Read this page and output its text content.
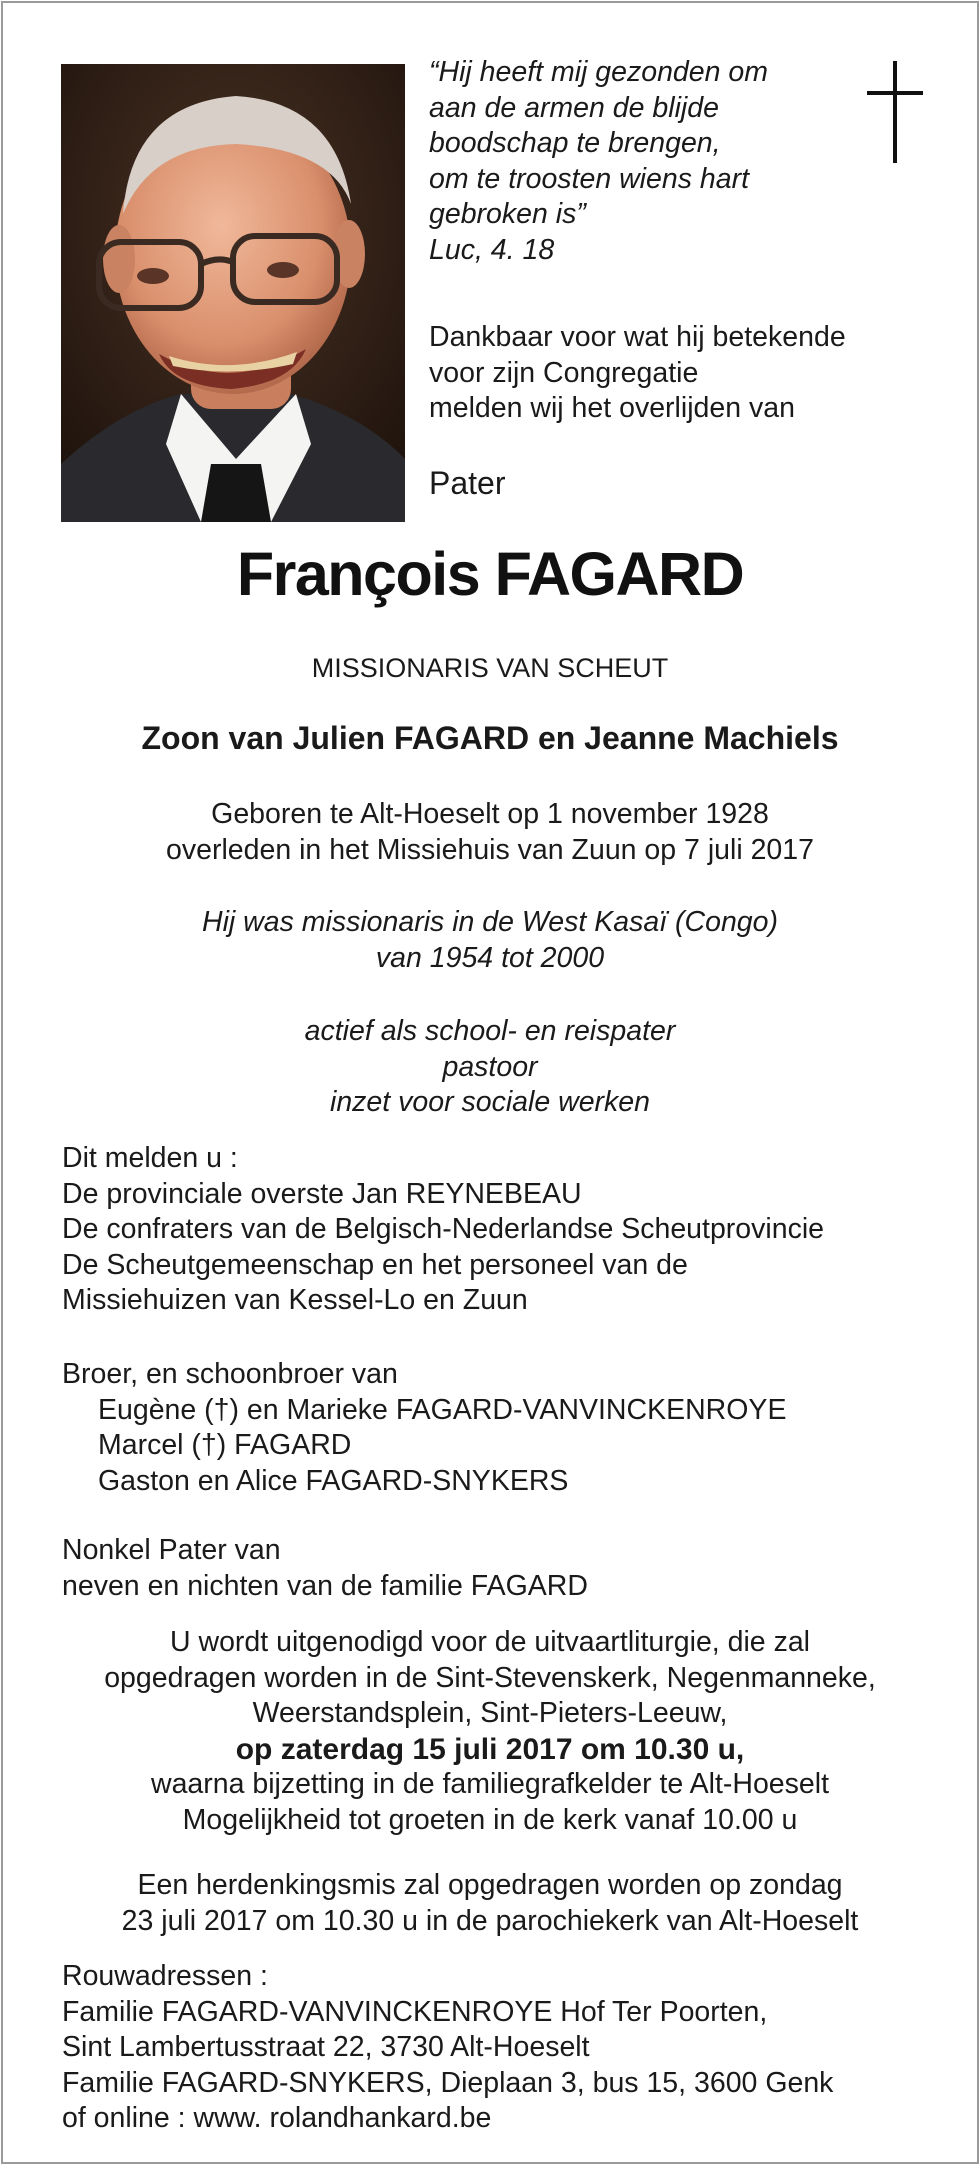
“Hij heeft mij gezonden om
aan de armen de blijde
boodschap te brengen,
om te troosten wiens hart
gebroken is”
Luc, 4. 18
Dankbaar voor wat hij betekende
voor zijn Congregatie
melden wij het overlijden van
Pater
François FAGARD
MISSIONARIS VAN SCHEUT
Zoon van Julien FAGARD en Jeanne Machiels
Geboren te Alt-Hoeselt op 1 november 1928
overleden in het Missiehuis van Zuun op 7 juli 2017
Hij was missionaris in de West Kasaï (Congo)
van 1954 tot 2000
actief als school- en reispater
pastoor
inzet voor sociale werken
Dit melden u :
De provinciale overste Jan REYNEBEAU
De confraters van de Belgisch-Nederlandse Scheutprovincie
De Scheutgemeenschap en het personeel van de
Missiehuizen van Kessel-Lo en Zuun
Broer, en schoonbroer van
Eugène (†) en Marieke FAGARD-VANVINCKENROYE
Marcel (†) FAGARD
Gaston en Alice FAGARD-SNYKERS
Nonkel Pater van
neven en nichten van de familie FAGARD
U wordt uitgenodigd voor de uitvaartliturgie, die zal
opgedragen worden in de Sint-Stevenskerk, Negenmanneke,
Weerstandsplein, Sint-Pieters-Leeuw,
op zaterdag 15 juli 2017 om 10.30 u,
waarna bijzetting in de familiegrafkelder te Alt-Hoeselt
Mogelijkheid tot groeten in de kerk vanaf 10.00 u
Een herdenkingsmis zal opgedragen worden op zondag
23 juli 2017 om 10.30 u in de parochiekerk van Alt-Hoeselt
Rouwadressen :
Familie FAGARD-VANVINCKENROYE Hof Ter Poorten,
Sint Lambertusstraat 22, 3730 Alt-Hoeselt
Familie FAGARD-SNYKERS, Dieplaan 3, bus 15, 3600 Genk
of online : www. rolandhankard.be
